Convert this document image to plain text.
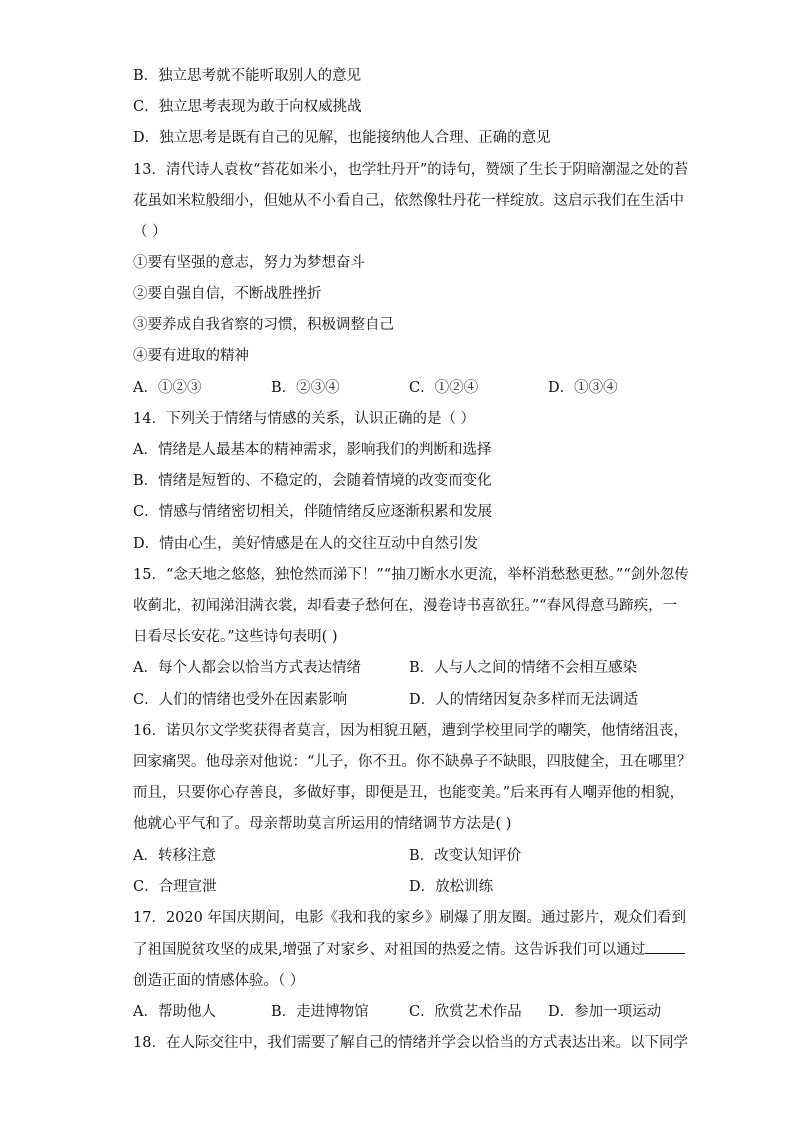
B．独立思考就不能听取别人的意见
C．独立思考表现为敢于向权威挑战
D．独立思考是既有自己的见解，也能接纳他人合理、正确的意见
13．清代诗人袁枚“苔花如米小，也学牡丹开”的诗句，赞颂了生长于阴暗潮湿之处的苔
花虽如米粒般细小，但她从不小看自己，依然像牡丹花一样绽放。这启示我们在生活中
（ ）
①要有坚强的意志，努力为梦想奋斗
②要自强自信，不断战胜挫折
③要养成自我省察的习惯，积极调整自己
④要有进取的精神
A．①②③	B．②③④	C．①②④	D．①③④
14．下列关于情绪与情感的关系，认识正确的是（ ）
A．情绪是人最基本的精神需求，影响我们的判断和选择
B．情绪是短暂的、不稳定的，会随着情境的改变而变化
C．情感与情绪密切相关，伴随情绪反应逐渐积累和发展
D．情由心生，美好情感是在人的交往互动中自然引发
15．“念天地之悠悠，独怆然而涕下！”“抽刀断水水更流，举杯消愁愁更愁。”“剑外忽传
收蓟北，初闻涕泪满衣裳，却看妻子愁何在，漫卷诗书喜欲狂。”“春风得意马蹄疾，一
日看尽长安花。”这些诗句表明( )
A．每个人都会以恰当方式表达情绪	B．人与人之间的情绪不会相互感染
C．人们的情绪也受外在因素影响	D．人的情绪因复杂多样而无法调适
16．诺贝尔文学奖获得者莫言，因为相貌丑陋，遭到学校里同学的嘲笑，他情绪沮丧，
回家痛哭。他母亲对他说：“儿子，你不丑。你不缺鼻子不缺眼，四肢健全，丑在哪里？
而且，只要你心存善良，多做好事，即便是丑，也能变美。”后来再有人嘲弄他的相貌，
他就心平气和了。母亲帮助莫言所运用的情绪调节方法是( )
A．转移注意	B．改变认知评价
C．合理宣泄	D．放松训练
17．2020 年国庆期间，电影《我和我的家乡》刷爆了朋友圈。通过影片，观众们看到
了祖国脱贫攻坚的成果,增强了对家乡、对祖国的热爱之情。这告诉我们可以通过
创造正面的情感体验。（ ）
A．帮助他人	B．走进博物馆	C．欣赏艺术作品 D．参加一项运动
18．在人际交往中，我们需要了解自己的情绪并学会以恰当的方式表达出来。以下同学
